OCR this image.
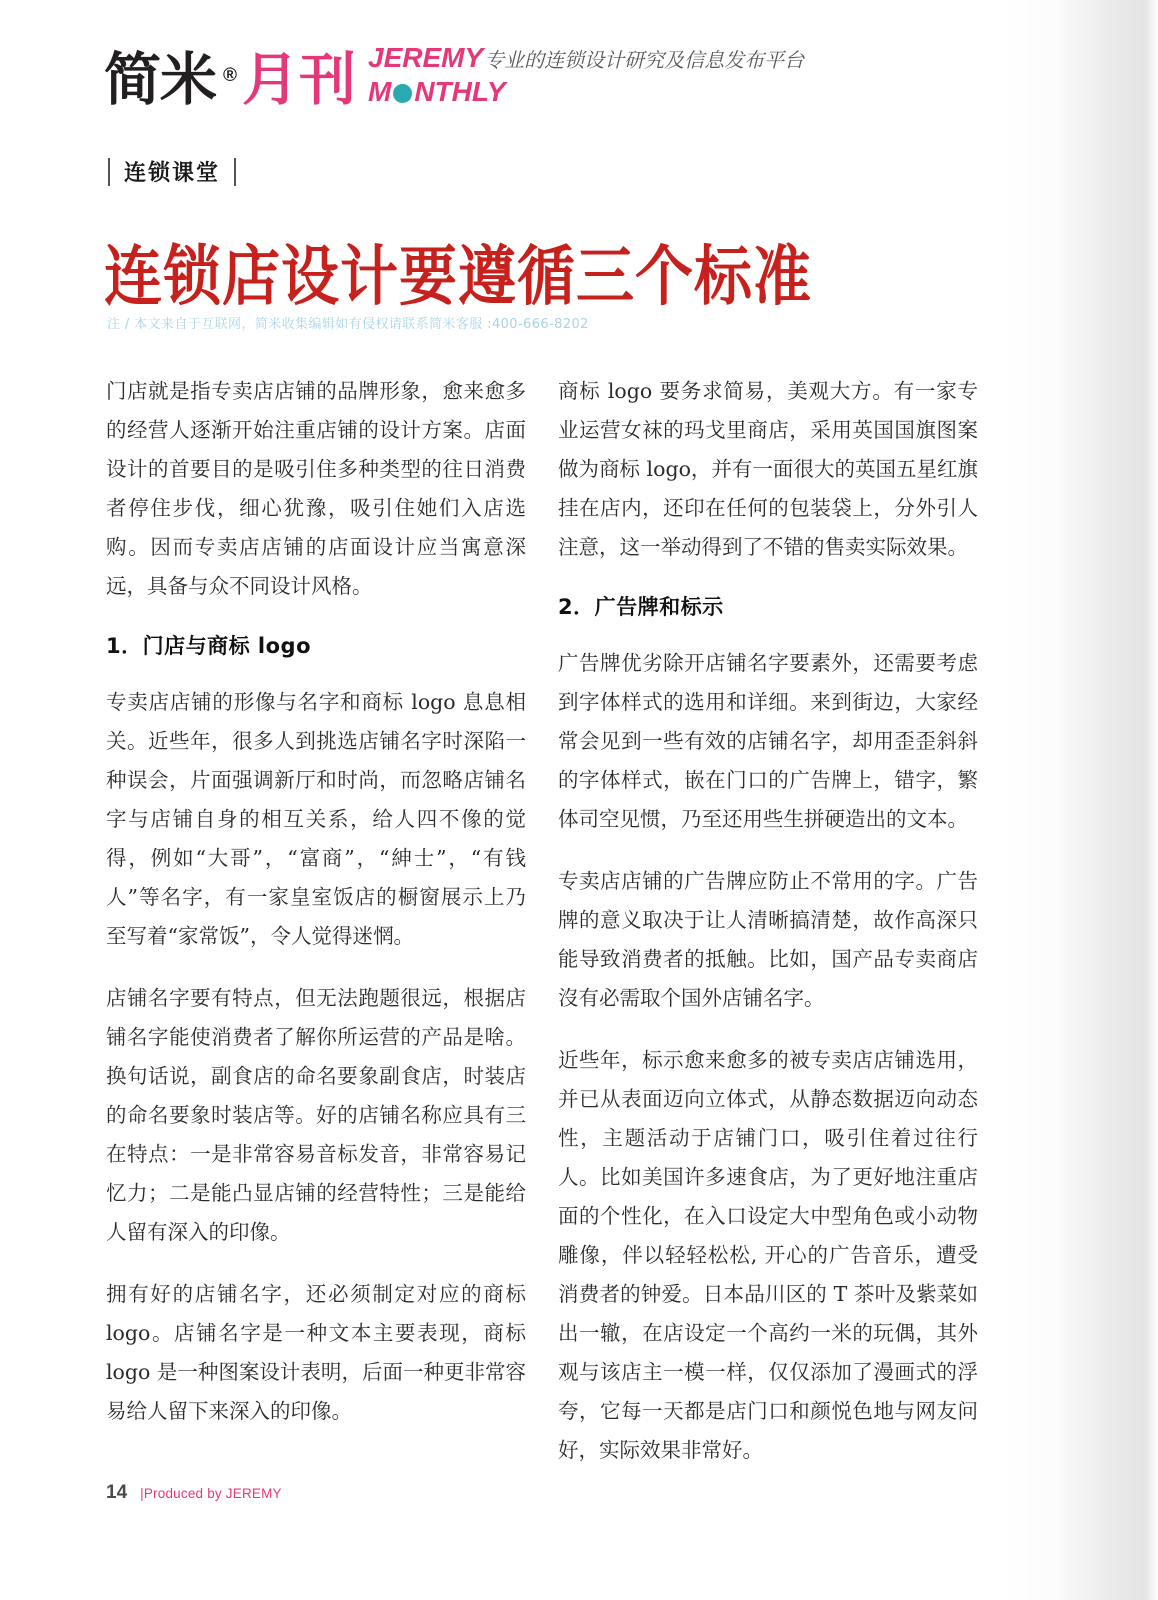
简米 ® 月刊 JEREMY 专业的连锁设计研究及信息发布平台
M NTHLY
连锁课堂
连锁店设计要遵循三个标准
注 / 本文来自于互联网，简米收集编辑如有侵权请联系简米客服 :400-666-8202

门店就是指专卖店店铺的品牌形象，愈来愈多的经营人逐渐开始注重店铺的设计方案。店面设计的首要目的是吸引住多种类型的往日消费者停住步伐，细心犹豫，吸引住她们入店选购。因而专卖店店铺的店面设计应当寓意深远，具备与众不同设计风格。

1．门店与商标 logo

专卖店店铺的形像与名字和商标 logo 息息相关。近些年，很多人到挑选店铺名字时深陷一种误会，片面强调新厅和时尚，而忽略店铺名字与店铺自身的相互关系，给人四不像的觉得，例如“大哥”，“富商”，“紳士”，“有钱人”等名字，有一家皇室饭店的橱窗展示上乃至写着“家常饭”，令人觉得迷惘。

店铺名字要有特点，但无法跑题很远，根据店铺名字能使消费者了解你所运营的产品是啥。换句话说，副食店的命名要象副食店，时装店的命名要象时装店等。好的店铺名称应具有三在特点：一是非常容易音标发音，非常容易记忆力；二是能凸显店铺的经营特性；三是能给人留有深入的印像。

拥有好的店铺名字，还必须制定对应的商标 logo。店铺名字是一种文本主要表现，商标 logo 是一种图案设计表明，后面一种更非常容易给人留下来深入的印像。

商标 logo 要务求简易，美观大方。有一家专业运营女袜的玛戈里商店，采用英国国旗图案做为商标 logo，并有一面很大的英国五星红旗挂在店内，还印在任何的包装袋上，分外引人注意，这一举动得到了不错的售卖实际效果。

2．广告牌和标示

广告牌优劣除开店铺名字要素外，还需要考虑到字体样式的选用和详细。来到街边，大家经常会见到一些有效的店铺名字，却用歪歪斜斜的字体样式，嵌在门口的广告牌上，错字，繁体司空见惯，乃至还用些生拼硬造出的文本。

专卖店店铺的广告牌应防止不常用的字。广告牌的意义取决于让人清晰搞清楚，故作高深只能导致消费者的抵触。比如，国产品专卖商店沒有必需取个国外店铺名字。

近些年，标示愈来愈多的被专卖店店铺选用，并已从表面迈向立体式，从静态数据迈向动态性，主题活动于店铺门口，吸引住着过往行人。比如美国许多速食店，为了更好地注重店面的个性化，在入口设定大中型角色或小动物雕像，伴以轻轻松松, 开心的广告音乐，遭受消费者的钟爱。日本品川区的 T 茶叶及紫菜如出一辙，在店设定一个高约一米的玩偶，其外观与该店主一模一样，仅仅添加了漫画式的浮夸，它每一天都是店门口和颜悦色地与网友问好，实际效果非常好。

14 |Produced by JEREMY
